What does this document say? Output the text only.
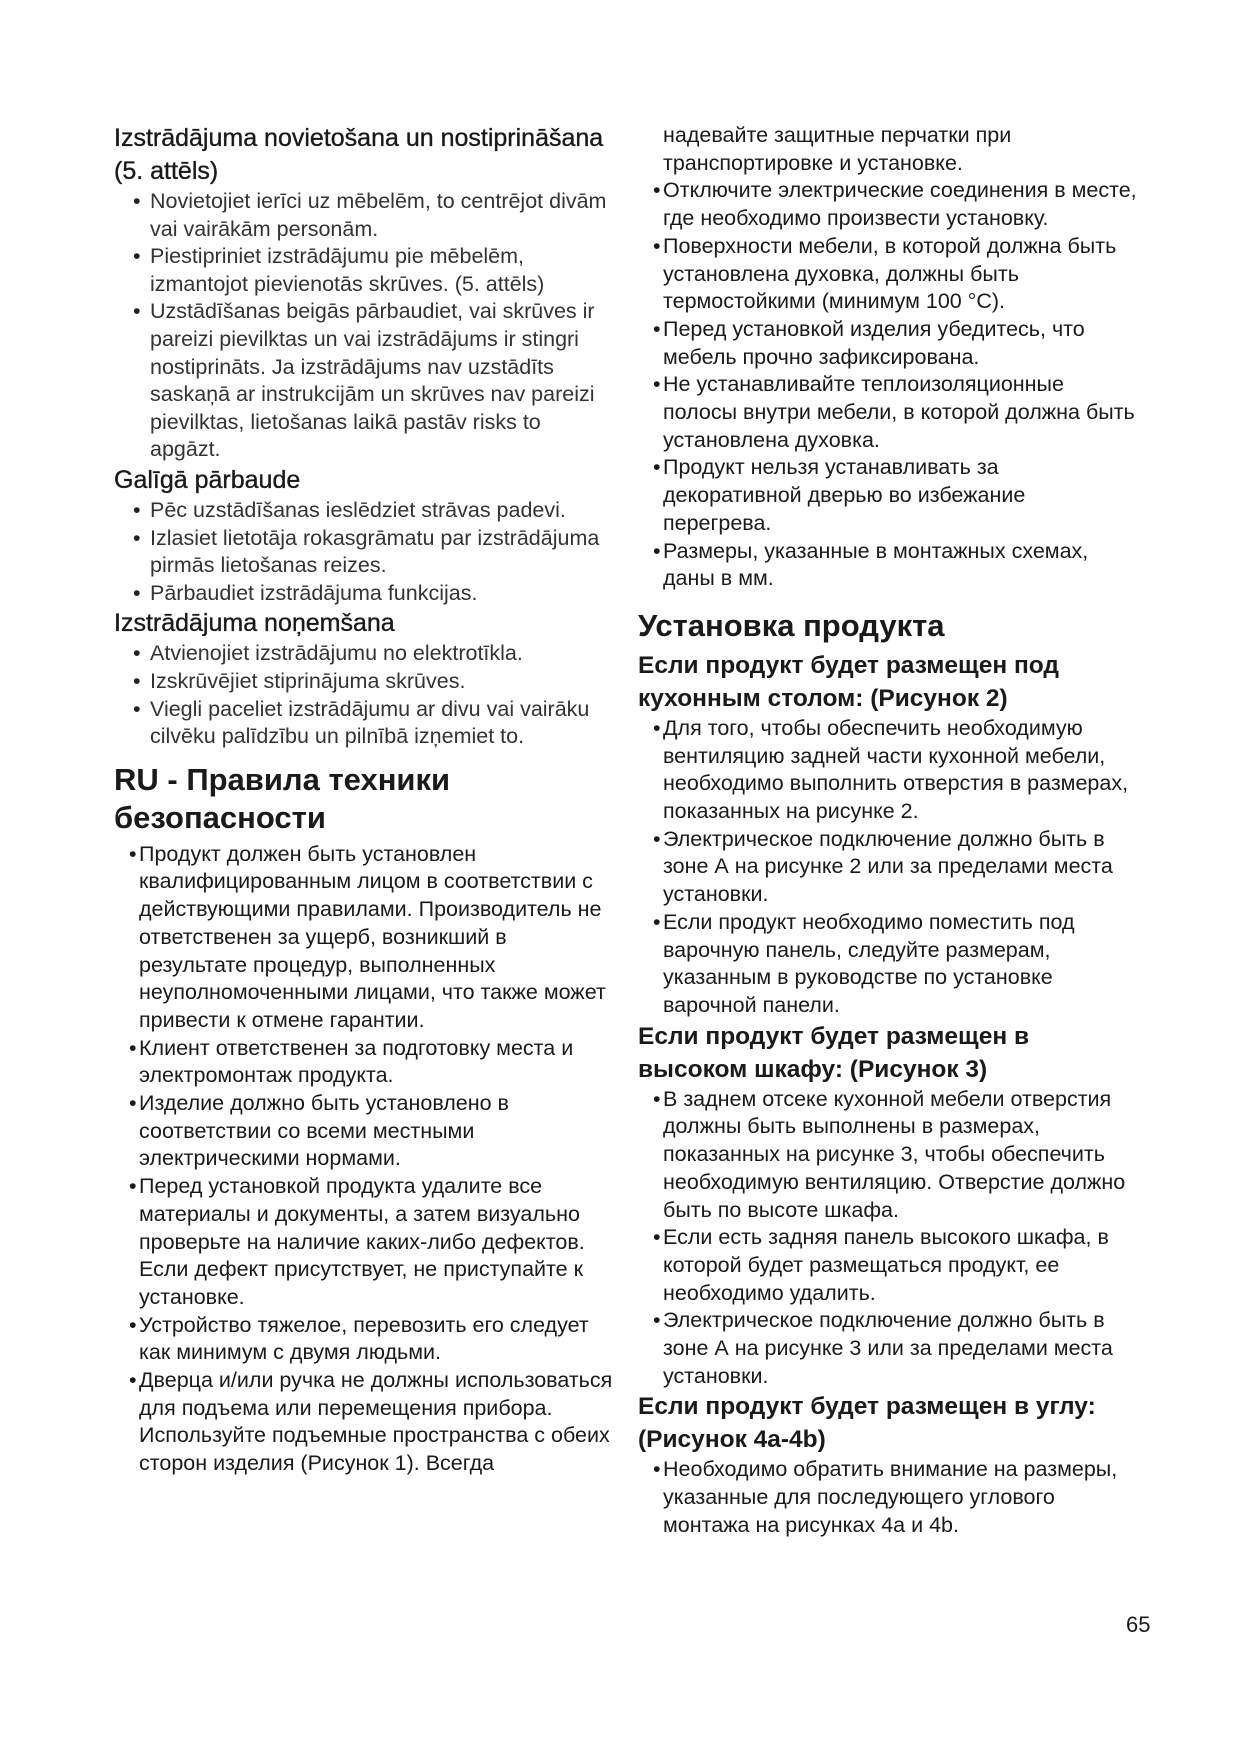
Izstrādājuma novietošana un nostiprināšana (5. attēls)
• Novietojiet ierīci uz mēbelēm, to centrējot divām vai vairākām personām.
• Piestipriniet izstrādājumu pie mēbelēm, izmantojot pievienotās skrūves. (5. attēls)
• Uzstādīšanas beigās pārbaudiet, vai skrūves ir pareizi pievilktas un vai izstrādājums ir stingri nostiprināts. Ja izstrādājums nav uzstādīts saskaņā ar instrukcijām un skrūves nav pareizi pievilktas, lietošanas laikā pastāv risks to apgāzt.
Galīgā pārbaude
• Pēc uzstādīšanas ieslēdziet strāvas padevi.
• Izlasiet lietotāja rokasgrāmatu par izstrādājuma pirmās lietošanas reizes.
• Pārbaudiet izstrādājuma funkcijas.
Izstrādājuma noņemšana
• Atvienojiet izstrādājumu no elektrotīkla.
• Izskrūvējiet stiprinājuma skrūves.
• Viegli paceliet izstrādājumu ar divu vai vairāku cilvēku palīdzību un pilnībā izņemiet to.
RU - Правила техники безопасности
• Продукт должен быть установлен квалифицированным лицом в соответствии с действующими правилами. Производитель не ответственен за ущерб, возникший в результате процедур, выполненных неуполномоченными лицами, что также может привести к отмене гарантии.
• Клиент ответственен за подготовку места и электромонтаж продукта.
• Изделие должно быть установлено в соответствии со всеми местными электрическими нормами.
• Перед установкой продукта удалите все материалы и документы, а затем визуально проверьте на наличие каких-либо дефектов. Если дефект присутствует, не приступайте к установке.
• Устройство тяжелое, перевозить его следует как минимум с двумя людьми.
• Дверца и/или ручка не должны использоваться для подъема или перемещения прибора. Используйте подъемные пространства с обеих сторон изделия (Рисунок 1). Всегда
надевайте защитные перчатки при транспортировке и установке.
• Отключите электрические соединения в месте, где необходимо произвести установку.
• Поверхности мебели, в которой должна быть установлена духовка, должны быть термостойкими (минимум 100 °C).
• Перед установкой изделия убедитесь, что мебель прочно зафиксирована.
• Не устанавливайте теплоизоляционные полосы внутри мебели, в которой должна быть установлена духовка.
• Продукт нельзя устанавливать за декоративной дверью во избежание перегрева.
• Размеры, указанные в монтажных схемах, даны в мм.
Установка продукта
Если продукт будет размещен под кухонным столом: (Рисунок 2)
• Для того, чтобы обеспечить необходимую вентиляцию задней части кухонной мебели, необходимо выполнить отверстия в размерах, показанных на рисунке 2.
• Электрическое подключение должно быть в зоне А на рисунке 2 или за пределами места установки.
• Если продукт необходимо поместить под варочную панель, следуйте размерам, указанным в руководстве по установке варочной панели.
Если продукт будет размещен в высоком шкафу: (Рисунок 3)
• В заднем отсеке кухонной мебели отверстия должны быть выполнены в размерах, показанных на рисунке 3, чтобы обеспечить необходимую вентиляцию. Отверстие должно быть по высоте шкафа.
• Если есть задняя панель высокого шкафа, в которой будет размещаться продукт, ее необходимо удалить.
• Электрическое подключение должно быть в зоне А на рисунке 3 или за пределами места установки.
Если продукт будет размещен в углу: (Рисунок 4a-4b)
• Необходимо обратить внимание на размеры, указанные для последующего углового монтажа на рисунках 4a и 4b.
65
